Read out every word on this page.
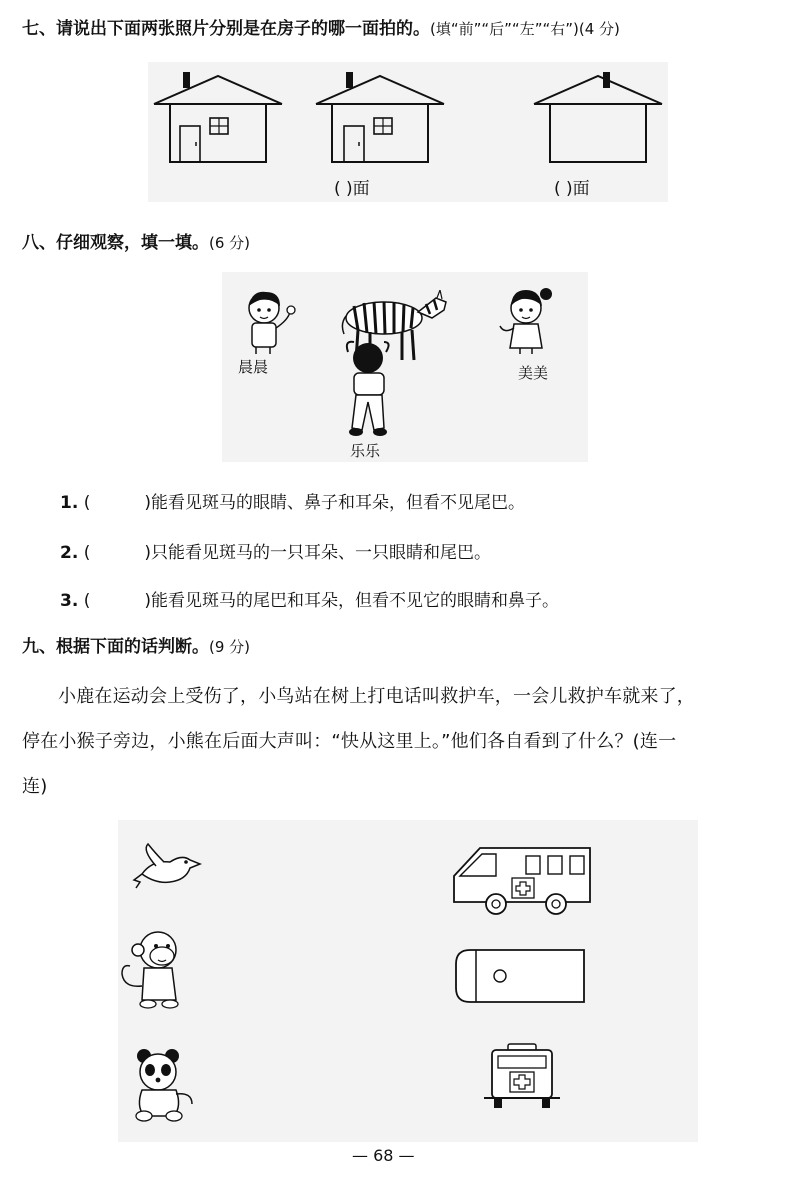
七、请说出下面两张照片分别是在房子的哪一面拍的。(填“前”“后”“左”“右”)(4 分)
( )面	( )面
八、仔细观察，填一填。(6 分)
晨晨
乐乐
美美
1. (          )能看见斑马的眼睛、鼻子和耳朵，但看不见尾巴。
2. (          )只能看见斑马的一只耳朵、一只眼睛和尾巴。
3. (          )能看见斑马的尾巴和耳朵，但看不见它的眼睛和鼻子。
九、根据下面的话判断。(9 分)
小鹿在运动会上受伤了，小鸟站在树上打电话叫救护车，一会儿救护车就来了，
停在小猴子旁边，小熊在后面大声叫：“快从这里上。”他们各自看到了什么？(连一
连)
— 68 —
